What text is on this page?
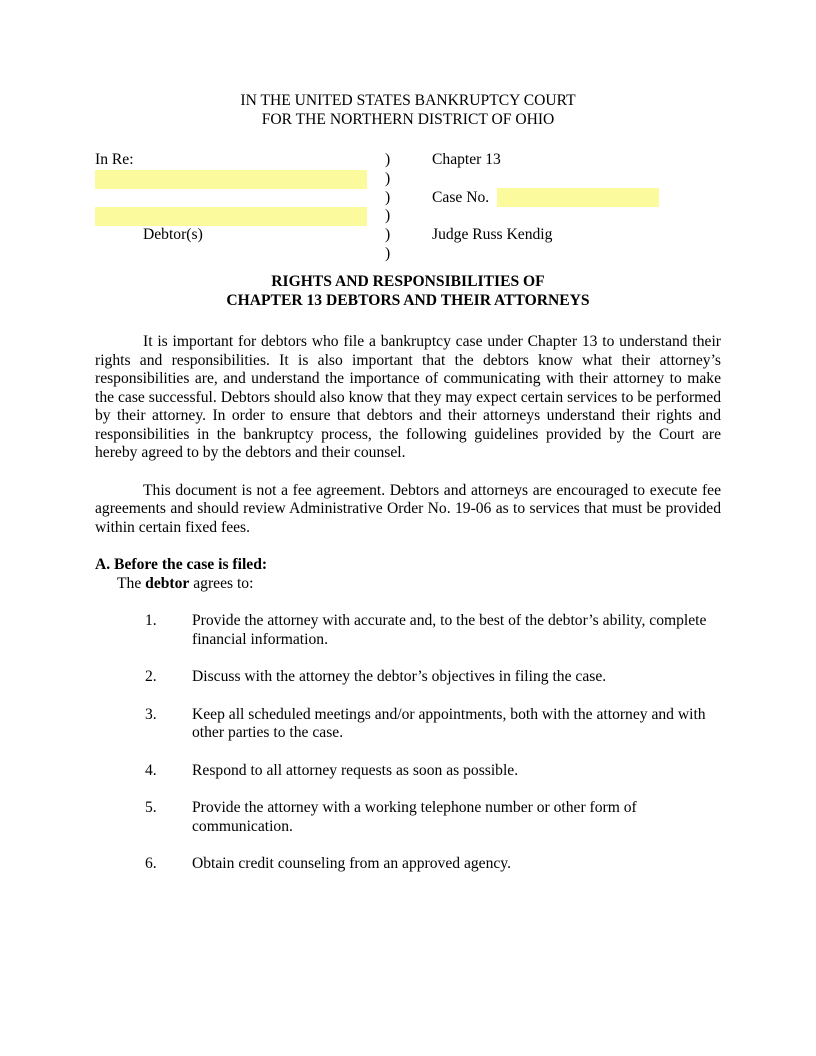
IN THE UNITED STATES BANKRUPTCY COURT
FOR THE NORTHERN DISTRICT OF OHIO
In Re:	)	Chapter 13
)
)	Case No.
)
Debtor(s)	)	Judge Russ Kendig
)
RIGHTS AND RESPONSIBILITIES OF
CHAPTER 13 DEBTORS AND THEIR ATTORNEYS

It is important for debtors who file a bankruptcy case under Chapter 13 to understand their rights and responsibilities. It is also important that the debtors know what their attorney’s responsibilities are, and understand the importance of communicating with their attorney to make the case successful. Debtors should also know that they may expect certain services to be performed by their attorney. In order to ensure that debtors and their attorneys understand their rights and responsibilities in the bankruptcy process, the following guidelines provided by the Court are hereby agreed to by the debtors and their counsel.

This document is not a fee agreement. Debtors and attorneys are encouraged to execute fee agreements and should review Administrative Order No. 19-06 as to services that must be provided within certain fixed fees.

A. Before the case is filed:
The debtor agrees to:
1.	Provide the attorney with accurate and, to the best of the debtor’s ability, complete financial information.
2.	Discuss with the attorney the debtor’s objectives in filing the case.
3.	Keep all scheduled meetings and/or appointments, both with the attorney and with other parties to the case.
4.	Respond to all attorney requests as soon as possible.
5.	Provide the attorney with a working telephone number or other form of communication.
6.	Obtain credit counseling from an approved agency.
